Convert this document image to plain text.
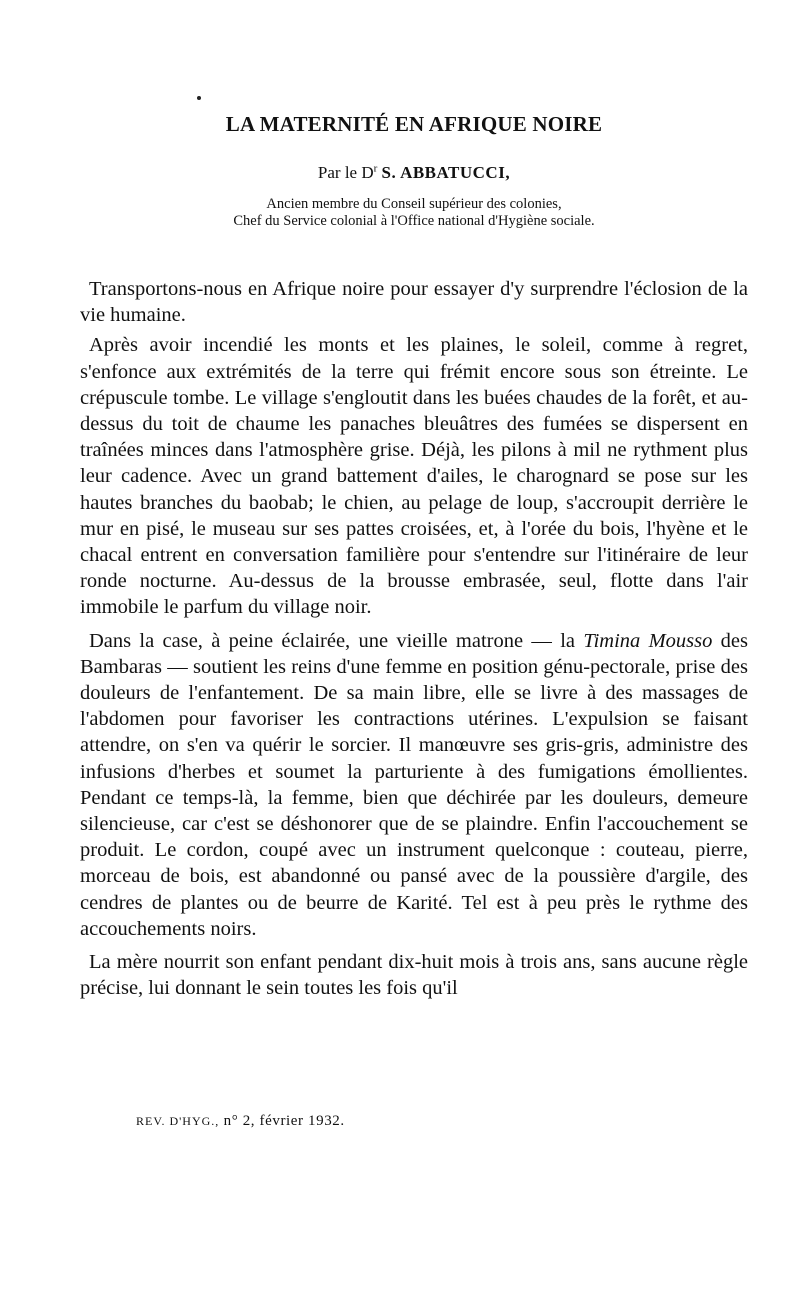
LA MATERNITÉ EN AFRIQUE NOIRE

Par le $D^r$ S. ABBATUCCI,

Ancien membre du Conseil supérieur des colonies,
Chef du Service colonial à l'Office national d'Hygiène sociale.

Transportons-nous en Afrique noire pour essayer d'y surprendre l'éclosion de la vie humaine.

Après avoir incendié les monts et les plaines, le soleil, comme à regret, s'enfonce aux extrémités de la terre qui frémit encore sous son étreinte. Le crépuscule tombe. Le village s'engloutit dans les buées chaudes de la forêt, et au-dessus du toit de chaume les panaches bleuâtres des fumées se dispersent en traînées minces dans l'atmosphère grise. Déjà, les pilons à mil ne rythment plus leur cadence. Avec un grand battement d'ailes, le charognard se pose sur les hautes branches du baobab; le chien, au pelage de loup, s'accroupit derrière le mur en pisé, le museau sur ses pattes croisées, et, à l'orée du bois, l'hyène et le chacal entrent en conversation familière pour s'entendre sur l'itinéraire de leur ronde nocturne. Au-dessus de la brousse embrasée, seul, flotte dans l'air immobile le parfum du village noir.

Dans la case, à peine éclairée, une vieille matrone — la Timina Mousso des Bambaras — soutient les reins d'une femme en position génu-pectorale, prise des douleurs de l'enfantement. De sa main libre, elle se livre à des massages de l'abdomen pour favoriser les contractions utérines. L'expulsion se faisant attendre, on s'en va quérir le sorcier. Il manœuvre ses gris-gris, administre des infusions d'herbes et soumet la parturiente à des fumigations émollientes. Pendant ce temps-là, la femme, bien que déchirée par les douleurs, demeure silencieuse, car c'est se déshonorer que de se plaindre. Enfin l'accouchement se produit. Le cordon, coupé avec un instrument quelconque : couteau, pierre, morceau de bois, est abandonné ou pansé avec de la poussière d'argile, des cendres de plantes ou de beurre de Karité. Tel est à peu près le rythme des accouchements noirs.

La mère nourrit son enfant pendant dix-huit mois à trois ans, sans aucune règle précise, lui donnant le sein toutes les fois qu'il

REV. D'HYG., n° 2, février 1932.
